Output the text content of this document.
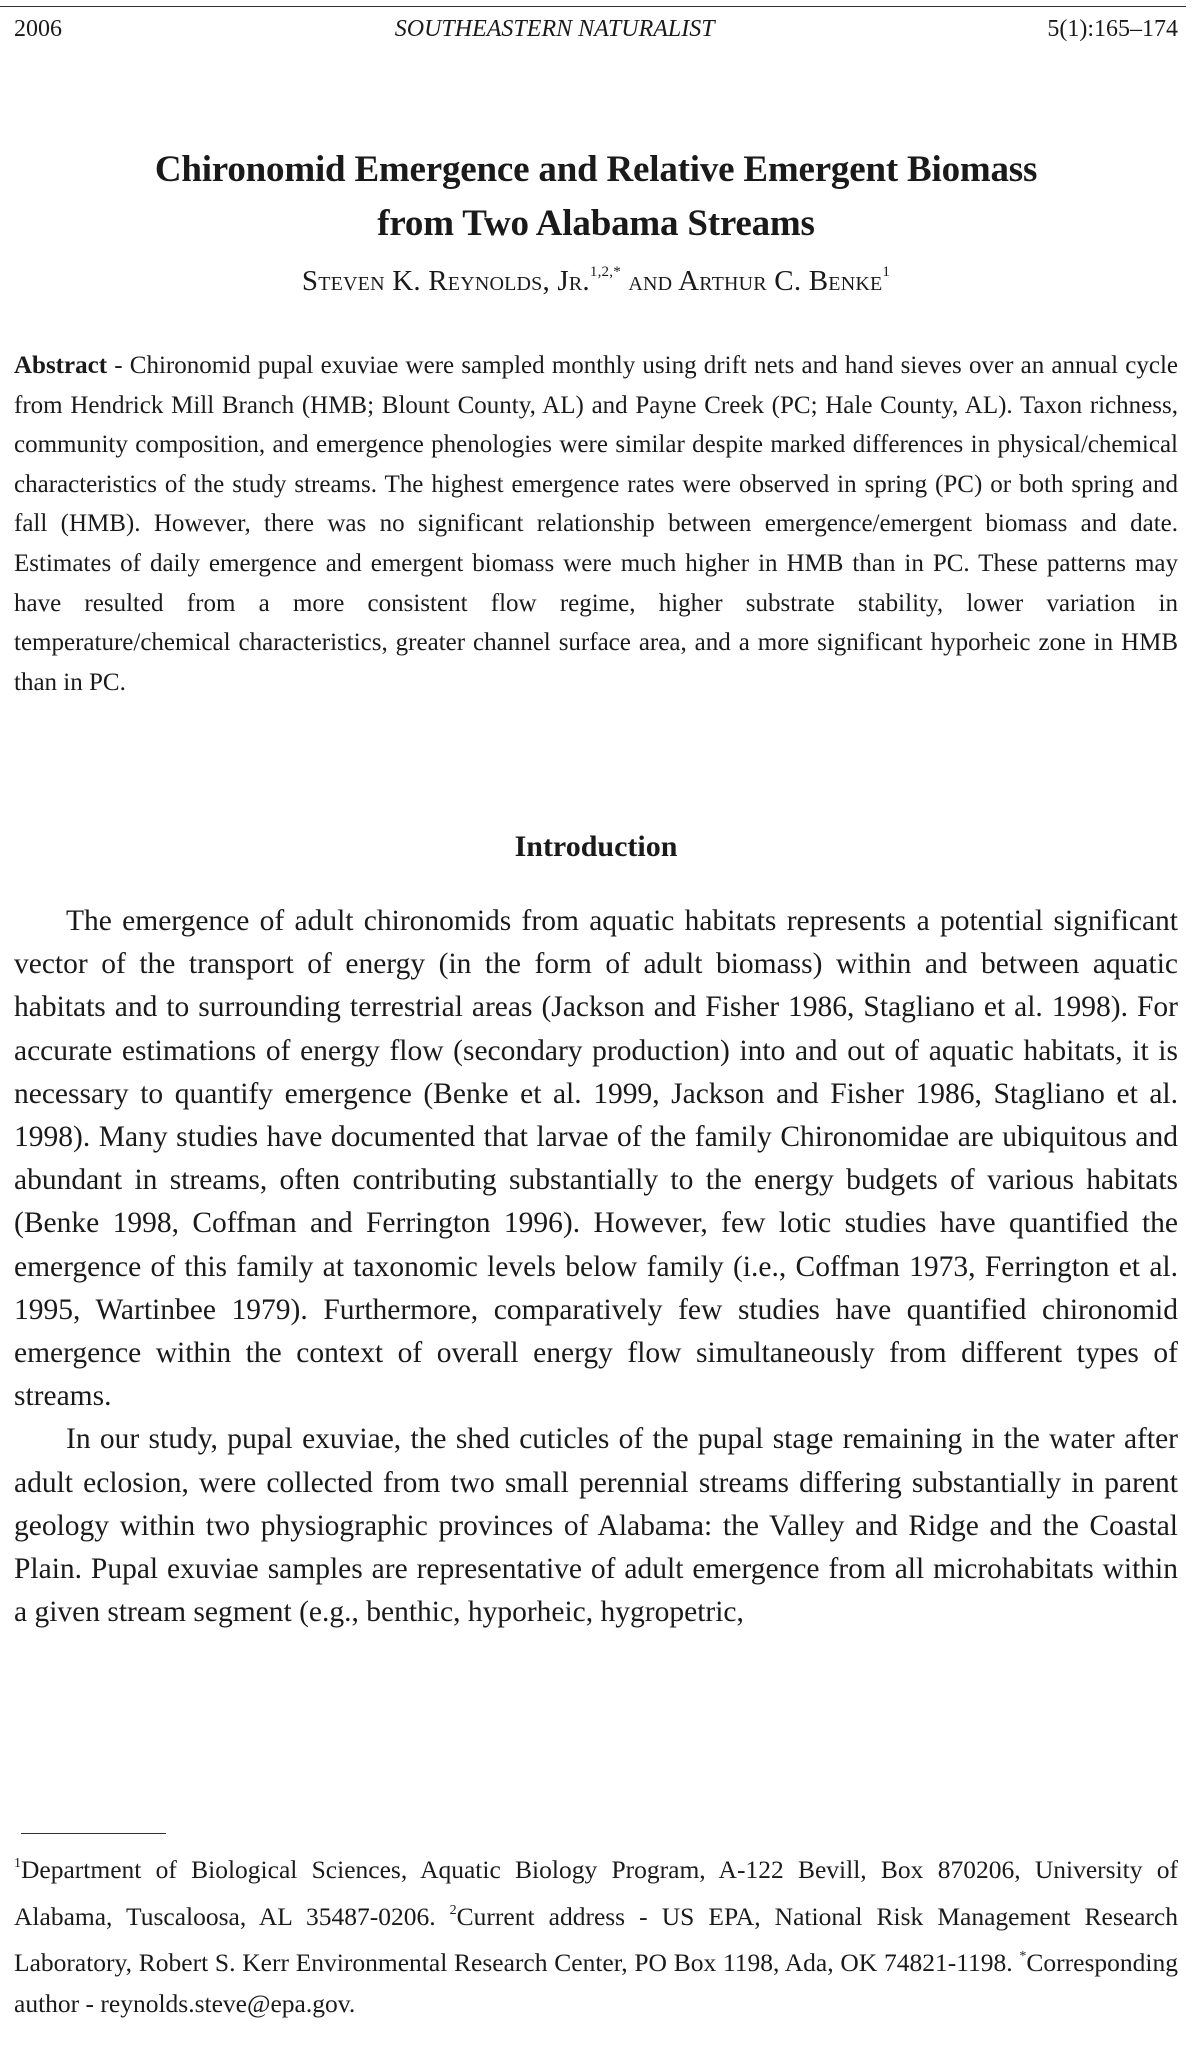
2006	SOUTHEASTERN NATURALIST	5(1):165–174
Chironomid Emergence and Relative Emergent Biomass
from Two Alabama Streams
Steven K. Reynolds, Jr.$^{1,2,*}$ and Arthur C. Benke$^1$

Abstract - Chironomid pupal exuviae were sampled monthly using drift nets and hand sieves over an annual cycle from Hendrick Mill Branch (HMB; Blount County, AL) and Payne Creek (PC; Hale County, AL). Taxon richness, community composition, and emergence phenologies were similar despite marked differences in physical/chemical characteristics of the study streams. The highest emergence rates were observed in spring (PC) or both spring and fall (HMB). However, there was no significant relationship between emergence/emergent biomass and date. Estimates of daily emergence and emergent biomass were much higher in HMB than in PC. These patterns may have resulted from a more consistent flow regime, higher substrate stability, lower variation in temperature/chemical characteristics, greater channel surface area, and a more significant hyporheic zone in HMB than in PC.

Introduction

The emergence of adult chironomids from aquatic habitats represents a potential significant vector of the transport of energy (in the form of adult biomass) within and between aquatic habitats and to surrounding terrestrial areas (Jackson and Fisher 1986, Stagliano et al. 1998). For accurate estimations of energy flow (secondary production) into and out of aquatic habitats, it is necessary to quantify emergence (Benke et al. 1999, Jackson and Fisher 1986, Stagliano et al. 1998). Many studies have documented that larvae of the family Chironomidae are ubiquitous and abundant in streams, often contributing substantially to the energy budgets of various habitats (Benke 1998, Coffman and Ferrington 1996). However, few lotic studies have quantified the emergence of this family at taxonomic levels below family (i.e., Coffman 1973, Ferrington et al. 1995, Wartinbee 1979). Furthermore, comparatively few studies have quantified chironomid emergence within the context of overall energy flow simultaneously from different types of streams.

In our study, pupal exuviae, the shed cuticles of the pupal stage remaining in the water after adult eclosion, were collected from two small perennial streams differing substantially in parent geology within two physiographic provinces of Alabama: the Valley and Ridge and the Coastal Plain. Pupal exuviae samples are representative of adult emergence from all microhabitats within a given stream segment (e.g., benthic, hyporheic, hygropetric,

$^1$Department of Biological Sciences, Aquatic Biology Program, A-122 Bevill, Box 870206, University of Alabama, Tuscaloosa, AL 35487-0206. $^2$Current address - US EPA, National Risk Management Research Laboratory, Robert S. Kerr Environmental Research Center, PO Box 1198, Ada, OK 74821-1198. *Corresponding author - reynolds.steve@epa.gov.
